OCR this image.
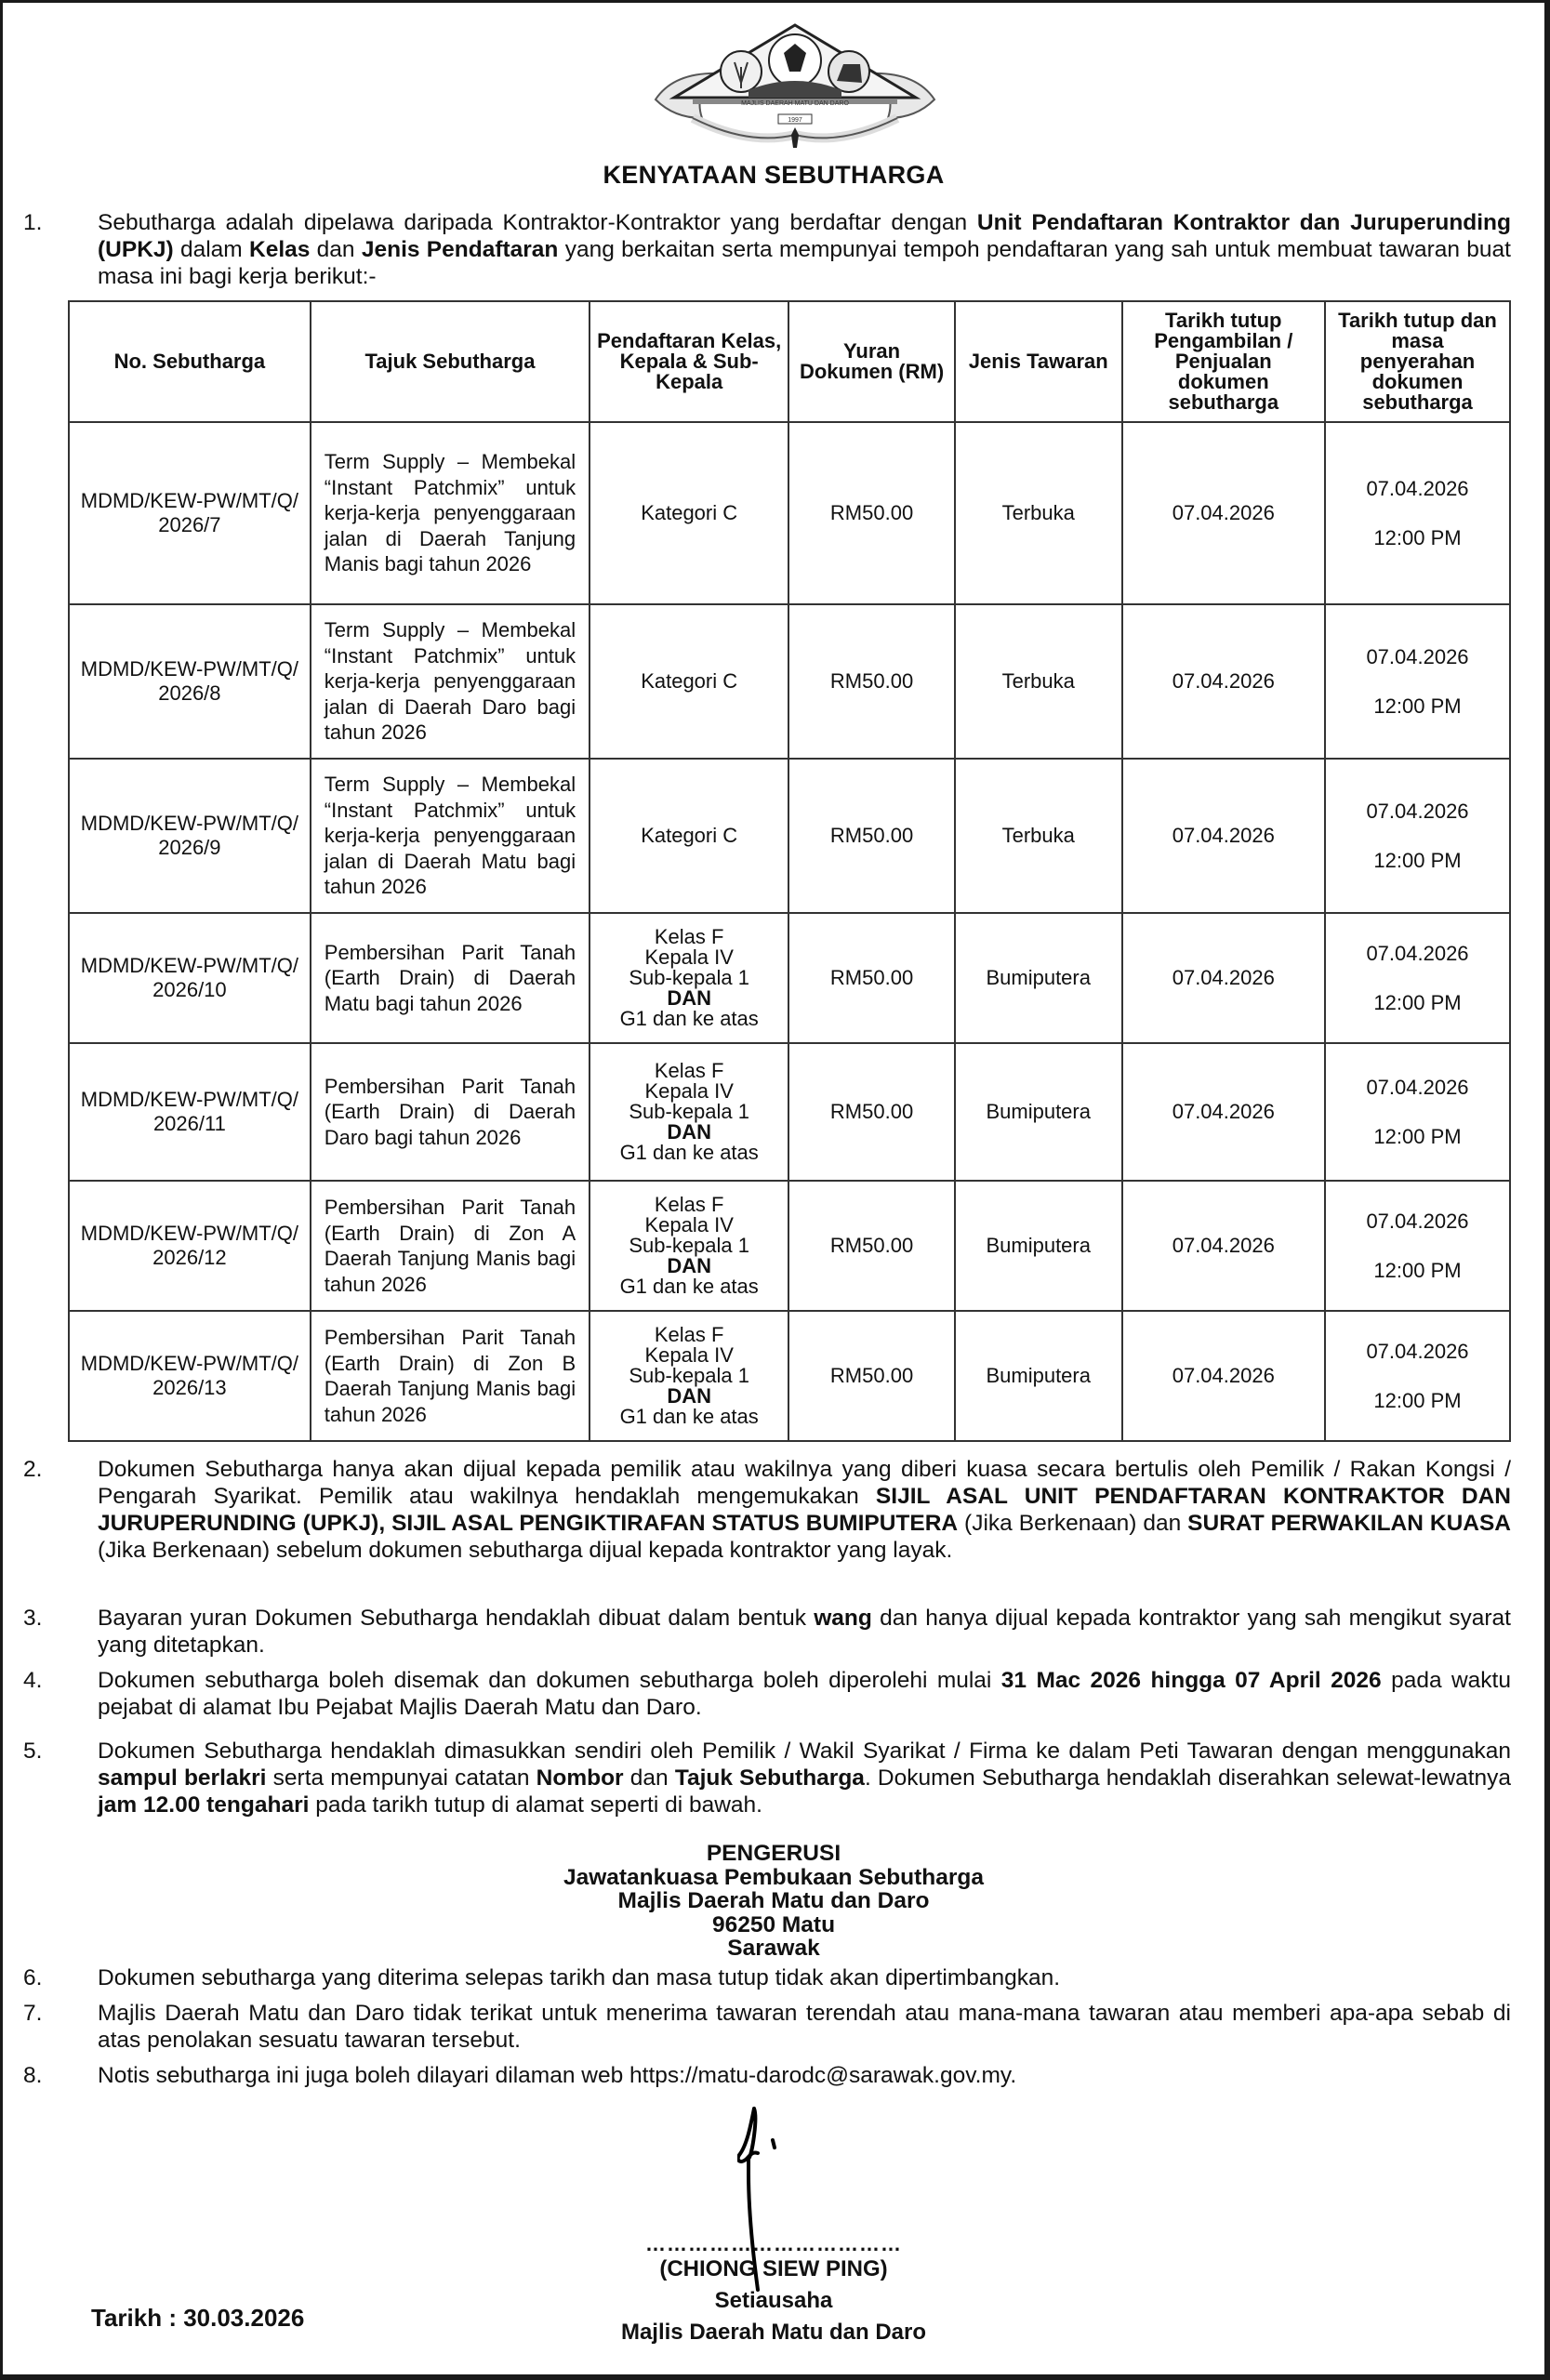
MAJLIS DAERAH MATU DAN DARO
1997
KENYATAAN SEBUTHARGA
1.	Sebutharga adalah dipelawa daripada Kontraktor-Kontraktor yang berdaftar dengan Unit Pendaftaran Kontraktor dan Juruperunding (UPKJ) dalam Kelas dan Jenis Pendaftaran yang berkaitan serta mempunyai tempoh pendaftaran yang sah untuk membuat tawaran buat masa ini bagi kerja berikut:-
No. Sebutharga	Tajuk Sebutharga	Pendaftaran Kelas, Kepala & Sub-Kepala	Yuran Dokumen (RM)	Jenis Tawaran	Tarikh tutup Pengambilan / Penjualan dokumen sebutharga	Tarikh tutup dan masa penyerahan dokumen sebutharga
MDMD/KEW-PW/MT/Q/2026/7	Term Supply – Membekal “Instant Patchmix” untuk kerja-kerja penyenggaraan jalan di Daerah Tanjung Manis bagi tahun 2026	Kategori C	RM50.00	Terbuka	07.04.2026	07.04.2026
12:00 PM

MDMD/KEW-PW/MT/Q/2026/8	Term Supply – Membekal “Instant Patchmix” untuk kerja-kerja penyenggaraan jalan di Daerah Daro bagi tahun 2026	Kategori C	RM50.00	Terbuka	07.04.2026	07.04.2026
12:00 PM

MDMD/KEW-PW/MT/Q/2026/9	Term Supply – Membekal “Instant Patchmix” untuk kerja-kerja penyenggaraan jalan di Daerah Matu bagi tahun 2026	Kategori C	RM50.00	Terbuka	07.04.2026	07.04.2026
12:00 PM

MDMD/KEW-PW/MT/Q/2026/10	Pembersihan Parit Tanah (Earth Drain) di Daerah Matu bagi tahun 2026	Kelas F
Kepala IV
Sub-kepala 1
DAN
G1 dan ke atas	RM50.00	Bumiputera	07.04.2026	07.04.2026
12:00 PM

MDMD/KEW-PW/MT/Q/2026/11	Pembersihan Parit Tanah (Earth Drain) di Daerah Daro bagi tahun 2026	Kelas F
Kepala IV
Sub-kepala 1
DAN
G1 dan ke atas	RM50.00	Bumiputera	07.04.2026	07.04.2026
12:00 PM

MDMD/KEW-PW/MT/Q/2026/12	Pembersihan Parit Tanah (Earth Drain) di Zon A Daerah Tanjung Manis bagi tahun 2026	Kelas F
Kepala IV
Sub-kepala 1
DAN
G1 dan ke atas	RM50.00	Bumiputera	07.04.2026	07.04.2026
12:00 PM

MDMD/KEW-PW/MT/Q/2026/13	Pembersihan Parit Tanah (Earth Drain) di Zon B Daerah Tanjung Manis bagi tahun 2026	Kelas F
Kepala IV
Sub-kepala 1
DAN
G1 dan ke atas	RM50.00	Bumiputera	07.04.2026	07.04.2026
12:00 PM
2.	Dokumen Sebutharga hanya akan dijual kepada pemilik atau wakilnya yang diberi kuasa secara bertulis oleh Pemilik / Rakan Kongsi / Pengarah Syarikat. Pemilik atau wakilnya hendaklah mengemukakan SIJIL ASAL UNIT PENDAFTARAN KONTRAKTOR DAN JURUPERUNDING (UPKJ), SIJIL ASAL PENGIKTIRAFAN STATUS BUMIPUTERA (Jika Berkenaan) dan SURAT PERWAKILAN KUASA (Jika Berkenaan) sebelum dokumen sebutharga dijual kepada kontraktor yang layak.
3.	Bayaran yuran Dokumen Sebutharga hendaklah dibuat dalam bentuk wang dan hanya dijual kepada kontraktor yang sah mengikut syarat yang ditetapkan.
4.	Dokumen sebutharga boleh disemak dan dokumen sebutharga boleh diperolehi mulai 31 Mac 2026 hingga 07 April 2026 pada waktu pejabat di alamat Ibu Pejabat Majlis Daerah Matu dan Daro.
5.	Dokumen Sebutharga hendaklah dimasukkan sendiri oleh Pemilik / Wakil Syarikat / Firma ke dalam Peti Tawaran dengan menggunakan sampul berlakri serta mempunyai catatan Nombor dan Tajuk Sebutharga. Dokumen Sebutharga hendaklah diserahkan selewat-lewatnya jam 12.00 tengahari pada tarikh tutup di alamat seperti di bawah.
PENGERUSI
Jawatankuasa Pembukaan Sebutharga
Majlis Daerah Matu dan Daro
96250 Matu
Sarawak
6.	Dokumen sebutharga yang diterima selepas tarikh dan masa tutup tidak akan dipertimbangkan.
7.	Majlis Daerah Matu dan Daro tidak terikat untuk menerima tawaran terendah atau mana-mana tawaran atau memberi apa-apa sebab di atas penolakan sesuatu tawaran tersebut.
8.	Notis sebutharga ini juga boleh dilayari dilaman web https://matu-darodc@sarawak.gov.my.
………………………………
(CHIONG SIEW PING)
Setiausaha
Majlis Daerah Matu dan Daro
Tarikh : 30.03.2026
